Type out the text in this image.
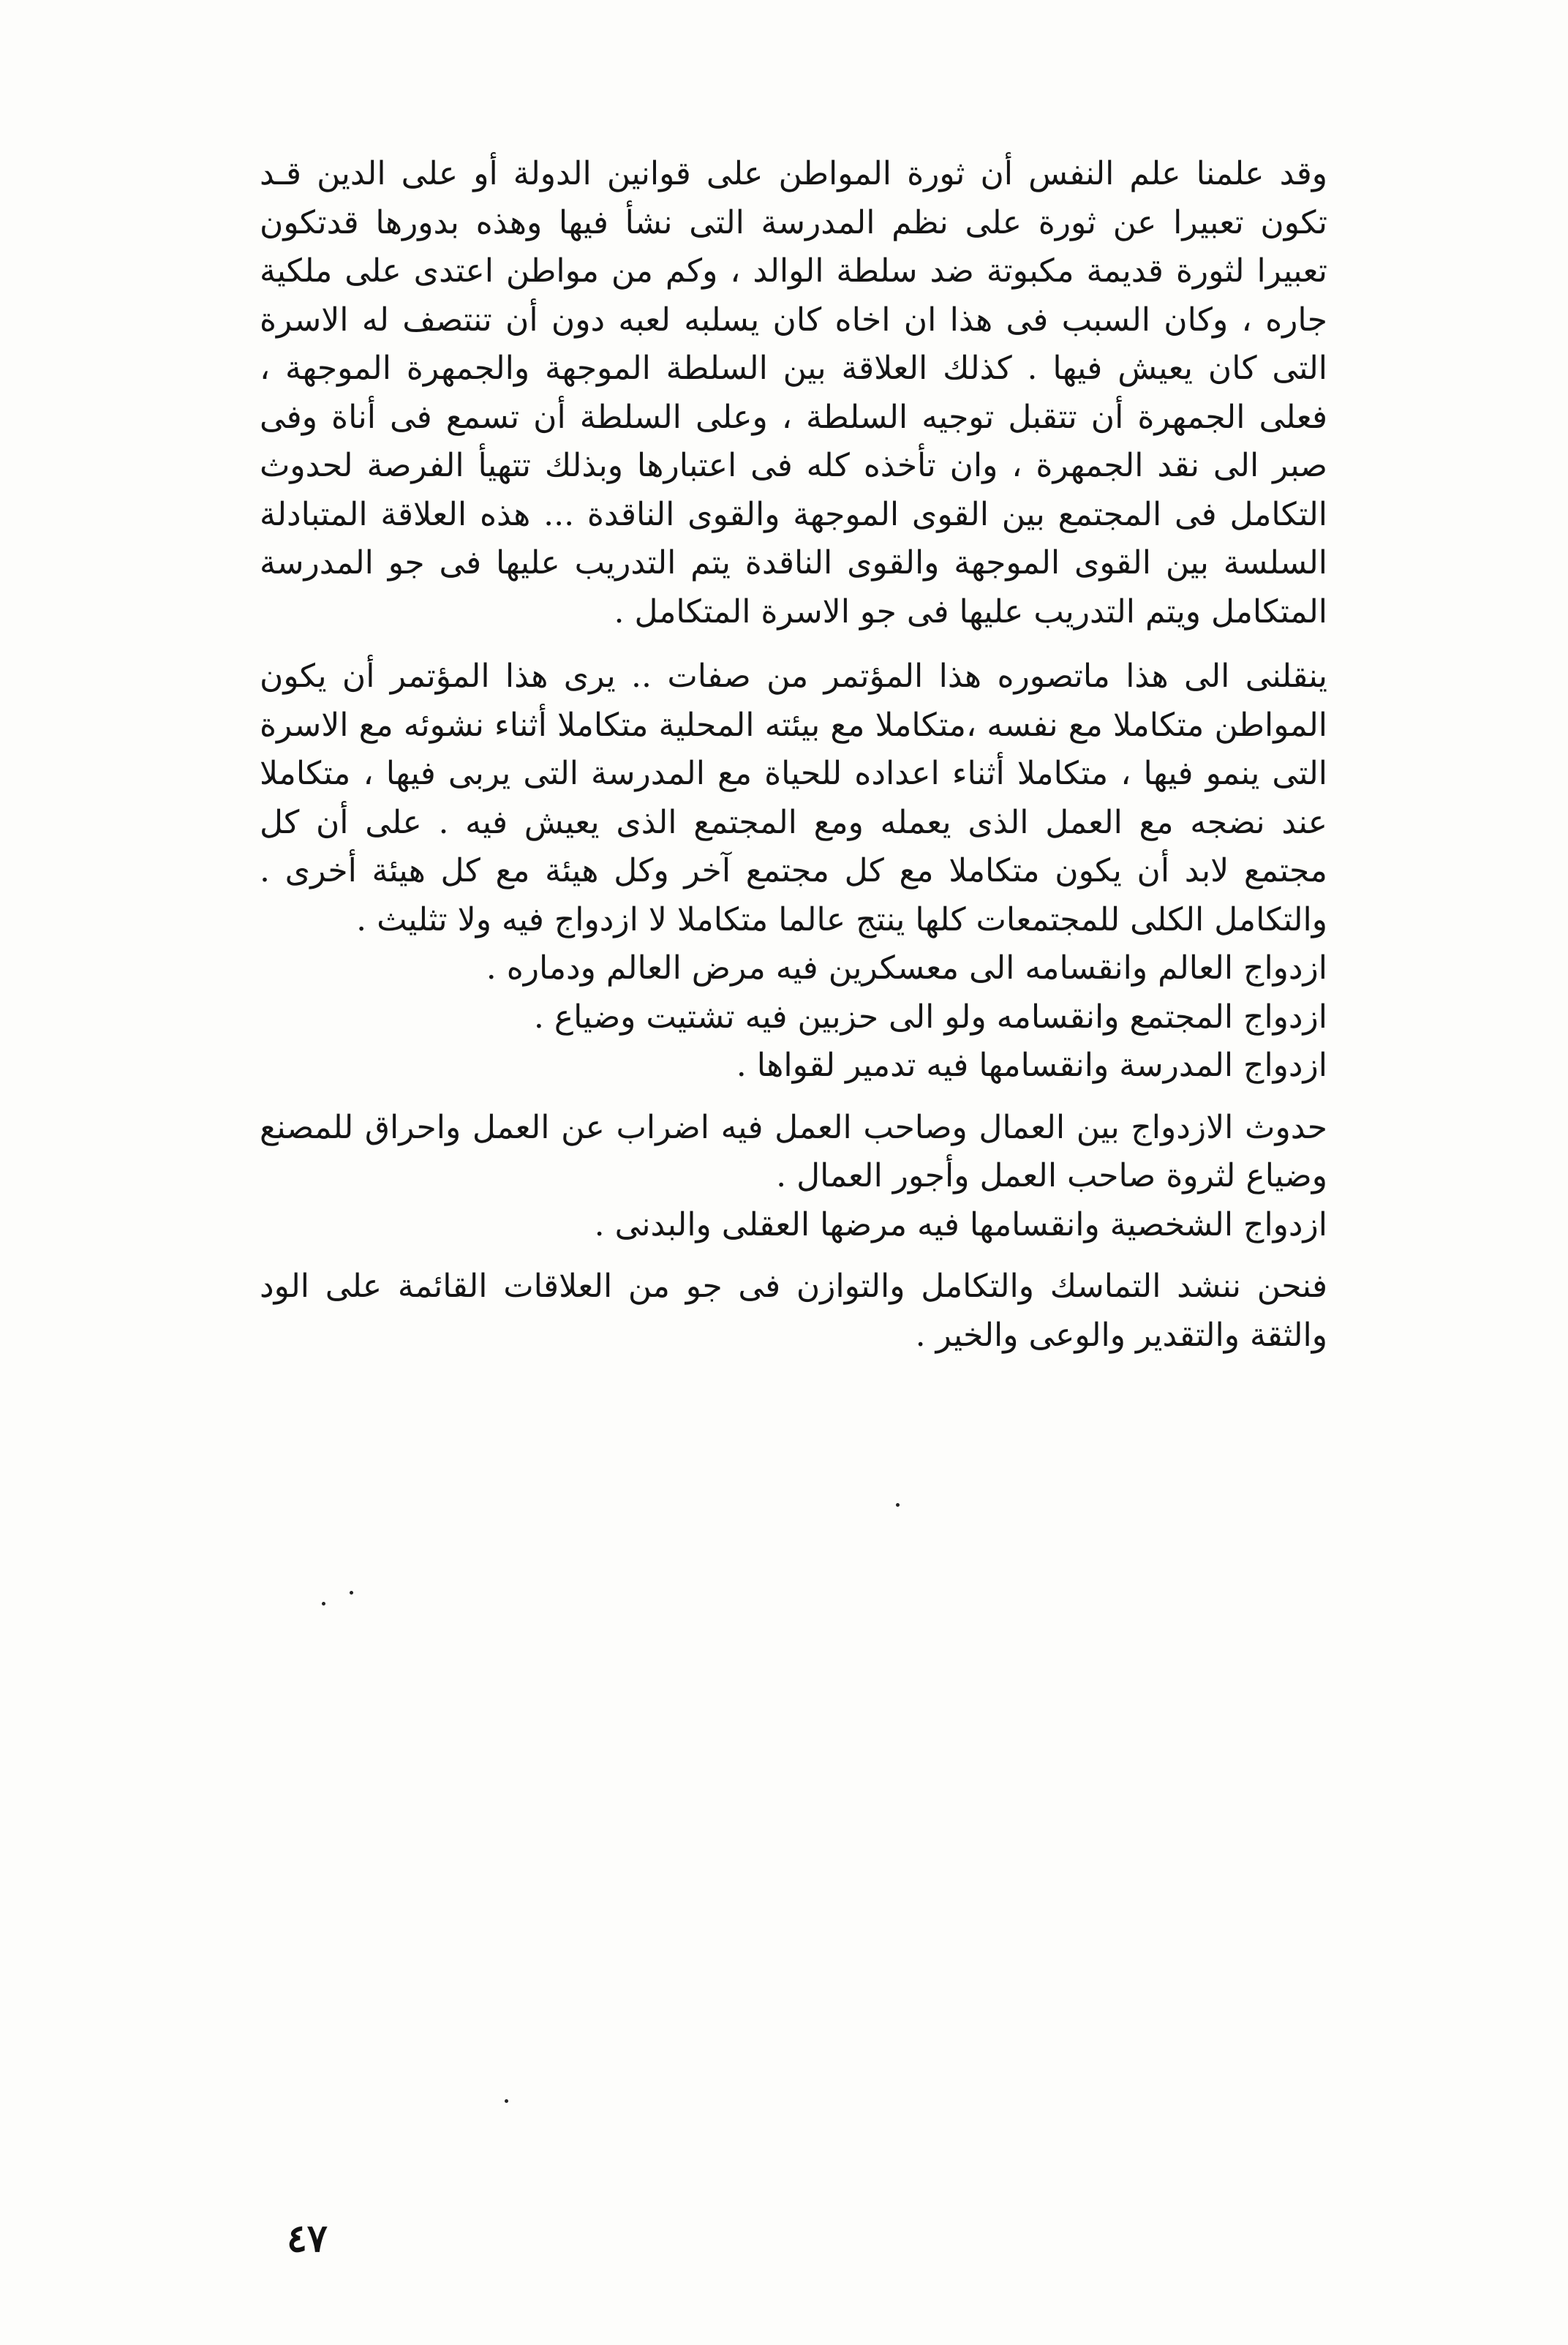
وقد علمنا علم النفس أن ثورة المواطن على قوانين الدولة أو على الدين قـد تكون تعبيرا عن ثورة على نظم المدرسة التى نشأ فيها وهذه بدورها قدتكون تعبيرا لثورة قديمة مكبوتة ضد سلطة الوالد ، وكم من مواطن اعتدى على ملكية جاره ، وكان السبب فى هذا ان اخاه كان يسلبه لعبه دون أن تنتصف له الاسرة التى كان يعيش فيها . كذلك العلاقة بين السلطة الموجهة والجمهرة الموجهة ، فعلى الجمهرة أن تتقبل توجيه السلطة ، وعلى السلطة أن تسمع فى أناة وفى صبر الى نقد الجمهرة ، وان تأخذه كله فى اعتبارها وبذلك تتهيأ الفرصة لحدوث التكامل فى المجتمع بين القوى الموجهة والقوى الناقدة ... هذه العلاقة المتبادلة السلسة بين القوى الموجهة والقوى الناقدة يتم التدريب عليها فى جو المدرسة المتكامل ويتم التدريب عليها فى جو الاسرة المتكامل .

ينقلنى الى هذا ماتصوره هذا المؤتمر من صفات .. يرى هذا المؤتمر أن يكون المواطن متكاملا مع نفسه ،متكاملا مع بيئته المحلية متكاملا أثناء نشوئه مع الاسرة التى ينمو فيها ، متكاملا أثناء اعداده للحياة مع المدرسة التى يربى فيها ، متكاملا عند نضجه مع العمل الذى يعمله ومع المجتمع الذى يعيش فيه . على أن كل مجتمع لابد أن يكون متكاملا مع كل مجتمع آخر وكل هيئة مع كل هيئة أخرى . والتكامل الكلى للمجتمعات كلها ينتج عالما متكاملا لا ازدواج فيه ولا تثليث .

ازدواج العالم وانقسامه الى معسكرين فيه مرض العالم ودماره .

ازدواج المجتمع وانقسامه ولو الى حزبين فيه تشتيت وضياع .

ازدواج المدرسة وانقسامها فيه تدمير لقواها .

حدوث الازدواج بين العمال وصاحب العمل فيه اضراب عن العمل واحراق للمصنع وضياع لثروة صاحب العمل وأجور العمال .

ازدواج الشخصية وانقسامها فيه مرضها العقلى والبدنى .

فنحن ننشد التماسك والتكامل والتوازن فى جو من العلاقات القائمة على الود والثقة والتقدير والوعى والخير .

٤٧
